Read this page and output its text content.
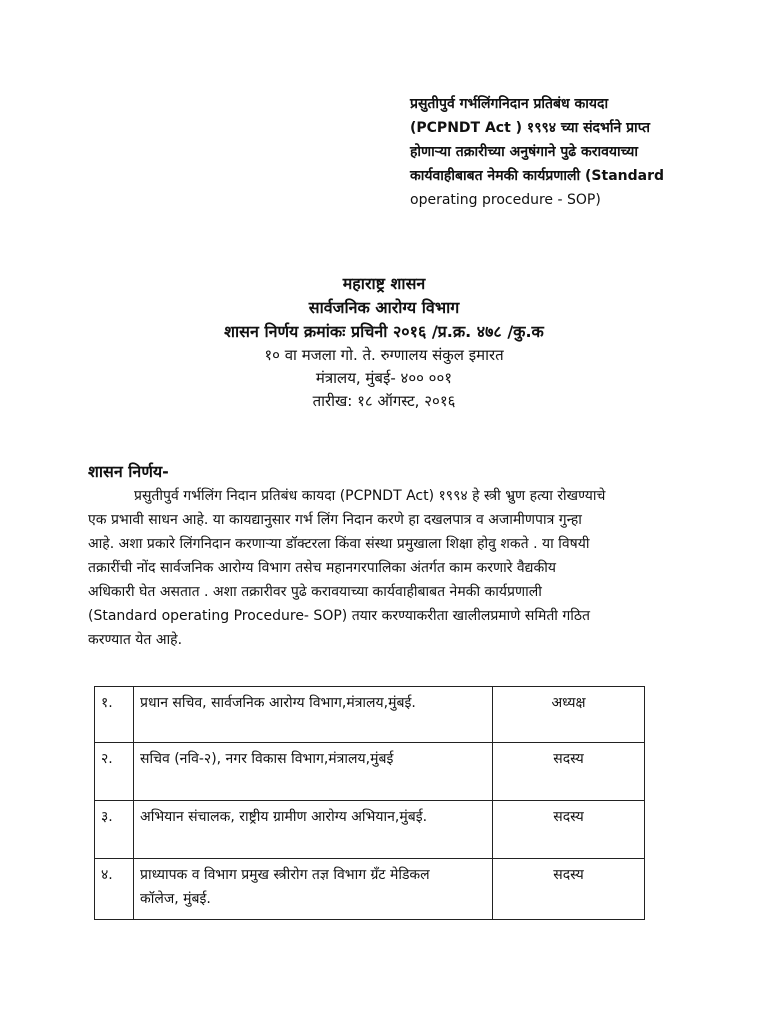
प्रसुतीपुर्व गर्भलिंगनिदान प्रतिबंध कायदा
(PCPNDT Act ) १९९४ च्या संदर्भाने प्राप्त
होणाऱ्या तक्रारीच्या अनुषंगाने पुढे करावयाच्या
कार्यवाहीबाबत नेमकी कार्यप्रणाली (Standard
operating procedure - SOP)
महाराष्ट्र शासन
सार्वजनिक आरोग्य विभाग
शासन निर्णय क्रमांकः प्रचिनी २०१६ /प्र.क्र. ४७८ /कु.क
१० वा मजला गो. ते. रुग्णालय संकुल इमारत
मंत्रालय, मुंबई- ४०० ००१
तारीख: १८ ऑगस्ट, २०१६
शासन निर्णय-
प्रसुतीपुर्व गर्भलिंग निदान प्रतिबंध कायदा (PCPNDT Act) १९९४ हे स्त्री भ्रुण हत्या रोखण्याचे
एक प्रभावी साधन आहे. या कायद्यानुसार गर्भ लिंग निदान करणे हा दखलपात्र व अजामीणपात्र गुन्हा
आहे. अशा प्रकारे लिंगनिदान करणाऱ्या डॉक्टरला किंवा संस्था प्रमुखाला शिक्षा होवु शकते . या विषयी
तक्रारींची नोंद सार्वजनिक आरोग्य विभाग तसेच महानगरपालिका अंतर्गत काम करणारे वैद्यकीय
अधिकारी घेत असतात . अशा तक्रारीवर पुढे करावयाच्या कार्यवाहीबाबत नेमकी कार्यप्रणाली
(Standard operating Procedure- SOP) तयार करण्याकरीता खालीलप्रमाणे समिती गठित
करण्यात येत आहे.
१.	प्रधान सचिव, सार्वजनिक आरोग्य विभाग,मंत्रालय,मुंबई.	अध्यक्ष
२.	सचिव (नवि-२), नगर विकास विभाग,मंत्रालय,मुंबई	सदस्य
३.	अभियान संचालक, राष्ट्रीय ग्रामीण आरोग्य अभियान,मुंबई.	सदस्य
४.	प्राध्यापक व विभाग प्रमुख स्त्रीरोग तज्ञ विभाग ग्रँट मेडिकल
कॉलेज, मुंबई.	सदस्य
